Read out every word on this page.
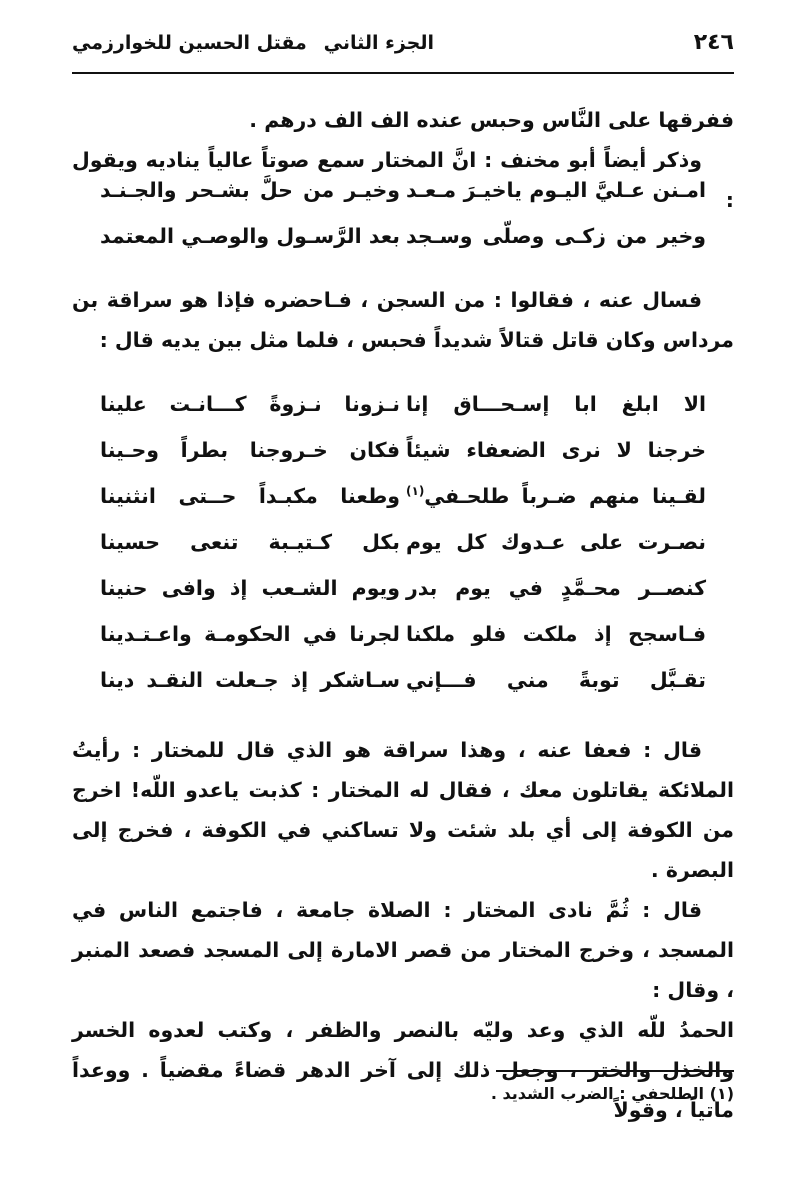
٢٤٦
الجزء الثاني
مقتل الحسين للخوارزمي

ففرقها على النَّاس وحبس عنده الف الف درهم .

وذكر أيضاً أبو مخنف : انَّ المختار سمع صوتاً عالياً يناديه ويقول :

امـنن عـليَّ اليـوم ياخيـرَ مـعـد
وخيـر من حلَّ بشـحر والجـنـد
وخير من زكـى وصلّى وسـجد
بعد الرَّسـول والوصـي المعتمد

فسال عنه ، فقالوا : من السجن ، فـاحضره فإذا هو سراقة بن مرداس وكان قاتل قتالاً شديداً فحبس ، فلما مثل بين يديه قال :

الا ابلغ ابا إسـحـــاق إنا
نـزونا نـزوةً كـــانـت علينا
خرجنا لا نرى الضعفاء شيئاً
فكان خـروجنا بطراً وحـينا
لقـينا منهم ضـرباً طلحـفي$^{(١)}$
وطعنا مكبـداً حــتى انثنينا
نصـرت على عـدوك كل يوم
بكل كـتيـبة تنعى حسينا
كنصــر محـمَّدٍ في يوم بدر
ويوم الشـعب إذ وافى حنينا
فـاسجح إذ ملكت فلو ملكنا
لجرنا في الحكومـة واعـتـدينا
تقـبَّل توبةً مني فـــإني
سـاشكر إذ جـعلت النقـد دينا

قال : فعفا عنه ، وهذا سراقة هو الذي قال للمختار : رأيتُ الملائكة يقاتلون معك ، فقال له المختار : كذبت ياعدو اللّه! اخرج من الكوفة إلى أي بلد شئت ولا تساكني في الكوفة ، فخرج إلى البصرة .

قال : ثُمَّ نادى المختار : الصلاة جامعة ، فاجتمع الناس في المسجد ، وخرج المختار من قصر الامارة إلى المسجد فصعد المنبر ، وقال :

الحمدُ للّه الذي وعد وليّه بالنصر والظفر ، وكتب لعدوه الخسر والخذل والختر ، وجعل ذلك إلى آخر الدهر قضاءً مقضياً . ووعداً ماتياً ، وقولاً

(١) الطلحفي : الضرب الشديد .
